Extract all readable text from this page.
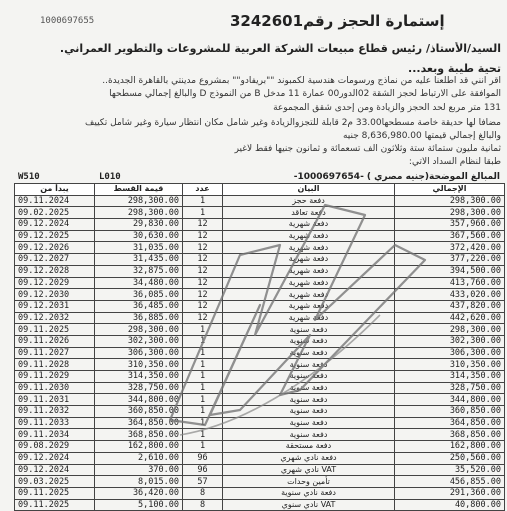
1000697655	إستمارة الحجز رقم3242601
السيد/الأستاذ/ رئيس قطاع مبيعات الشركة العربية للمشروعات والتطوير العمراني.
تحية طيبة وبعد...
أقر أنني قد اطلعنا عليه من نماذج ورسومات هندسية لكمبوند ""بريفادو"" بمشروع مدينتي بالقاهرة الجديدة..
الموافقة على الارتباط لحجز الشقة 02الدور00 عمارة 11 مدخل B من النموذج D والبالغ إجمالي مسطحها
131 متر مربع لحد الحجز والزيادة ومن إحدى شقق المجموعة
مضافاً لها حديقة خاصة مسطحها33.00 م2 قابلة للتجزوالزيادة وغير شامل مكان انتظار سيارة وغير شامل تكييف
والبالغ إجمالي قيمتها 8,636,980.00 جنيه
ثمانية مليون ستمائة ستة وثلاثون ألف تسعمائة و ثمانون جنيها فقط لاغير
طبقا لنظام السداد الآتي:
W510	L010	المبالغ الموضحة(جنيه مصري ) -1000697654-
يبدأ من	قيمة القسط	عدد	البيان	الإجمالي
09.11.2024	298,300.00	1	دفعة حجز	298,300.00
09.02.2025	298,300.00	1	دفعة تعاقد	298,300.00
09.12.2024	29,830.00	12	دفعة شهرية	357,960.00
09.12.2025	30,630.00	12	دفعة شهرية	367,560.00
09.12.2026	31,035.00	12	دفعة شهرية	372,420.00
09.12.2027	31,435.00	12	دفعة شهرية	377,220.00
09.12.2028	32,875.00	12	دفعة شهرية	394,500.00
09.12.2029	34,480.00	12	دفعة شهرية	413,760.00
09.12.2030	36,085.00	12	دفعة شهرية	433,020.00
09.12.2031	36,485.00	12	دفعة شهرية	437,820.00
09.12.2032	36,885.00	12	دفعة شهرية	442,620.00
09.11.2025	298,300.00	1	دفعة سنوية	298,300.00
09.11.2026	302,300.00	1	دفعة سنوية	302,300.00
09.11.2027	306,300.00	1	دفعة سنوية	306,300.00
09.11.2028	310,350.00	1	دفعة سنوية	310,350.00
09.11.2029	314,350.00	1	دفعة سنوية	314,350.00
09.11.2030	328,750.00	1	دفعة سنوية	328,750.00
09.11.2031	344,800.00	1	دفعة سنوية	344,800.00
09.11.2032	360,850.00	1	دفعة سنوية	360,850.00
09.11.2033	364,850.00	1	دفعة سنوية	364,850.00
09.11.2034	368,850.00	1	دفعة سنوية	368,850.00
09.08.2029	162,800.00	1	دفعة مستحقة	162,800.00
09.12.2024	2,610.00	96	دفعة نادي شهري	250,560.00
09.12.2024	370.00	96	VAT نادي شهري	35,520.00
09.03.2025	8,015.00	57	تأمين وحدات	456,855.00
09.11.2025	36,420.00	8	دفعة نادي سنوية	291,360.00
09.11.2025	5,100.00	8	VAT نادي سنوي	40,800.00
